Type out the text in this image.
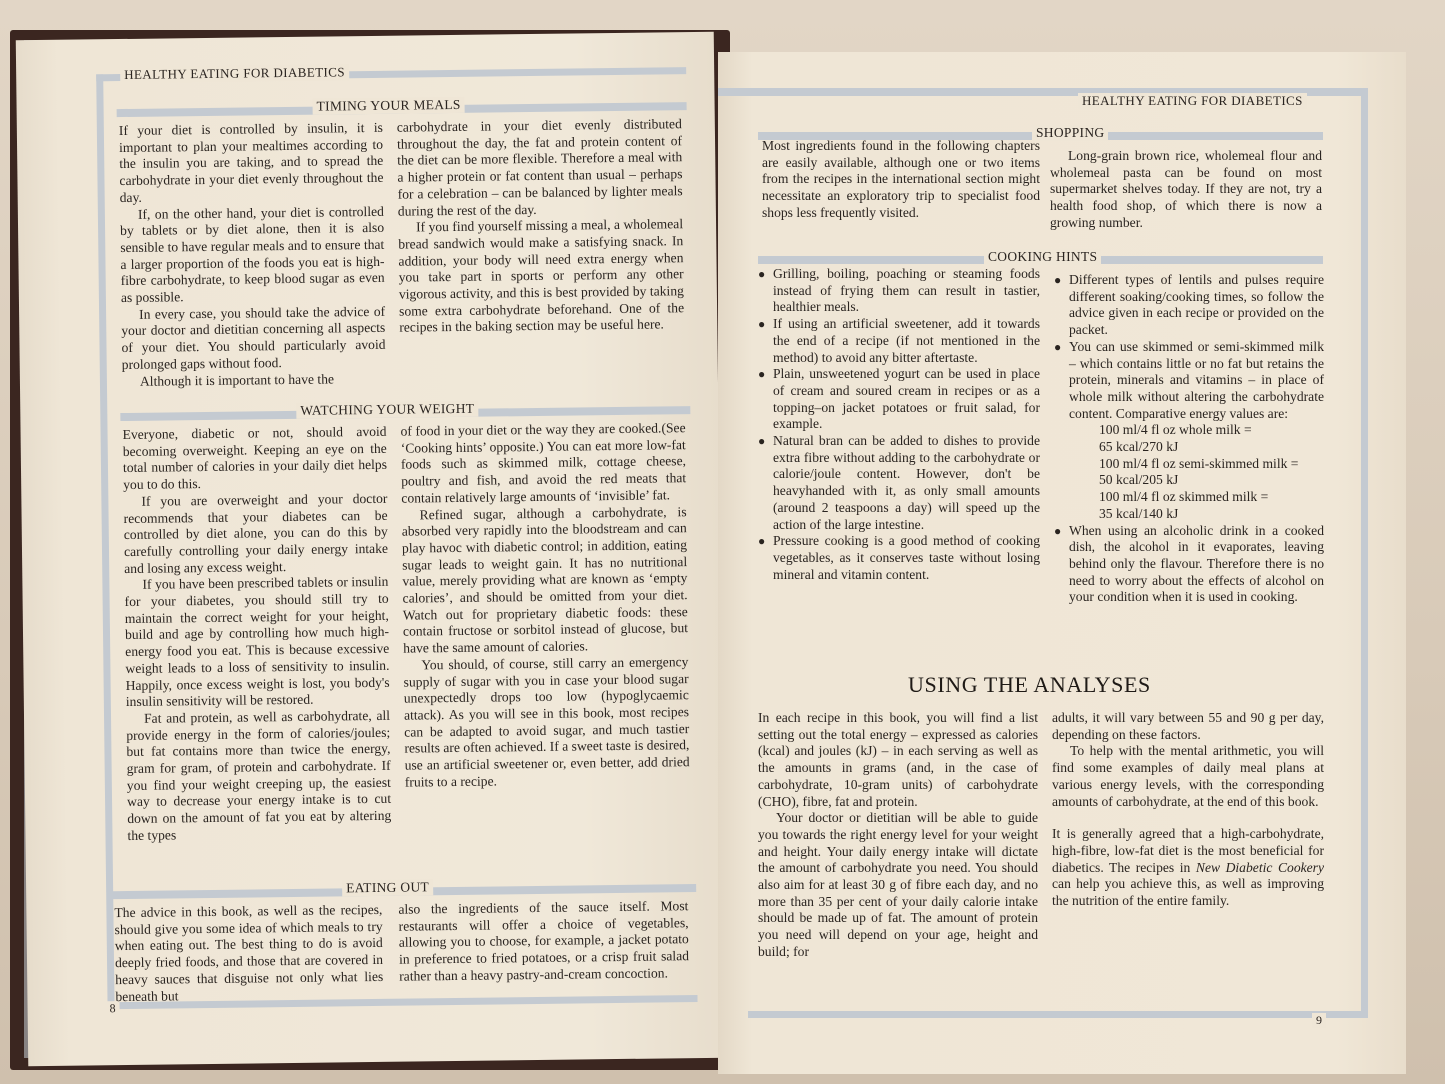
HEALTHY EATING FOR DIABETICS
8
TIMING YOUR MEALS

If your diet is controlled by insulin, it is important to plan your mealtimes according to the insulin you are taking, and to spread the carbohydrate in your diet evenly throughout the day.

If, on the other hand, your diet is controlled by tablets or by diet alone, then it is also sensible to have regular meals and to ensure that a larger proportion of the foods you eat is high-fibre carbohydrate, to keep blood sugar as even as possible.

In every case, you should take the advice of your doctor and dietitian concerning all aspects of your diet. You should particularly avoid prolonged gaps without food.

Although it is important to have the

carbohydrate in your diet evenly distributed throughout the day, the fat and protein content of the diet can be more flexible. Therefore a meal with a higher protein or fat content than usual – perhaps for a celebration – can be balanced by lighter meals during the rest of the day.

If you find yourself missing a meal, a wholemeal bread sandwich would make a satisfying snack. In addition, your body will need extra energy when you take part in sports or perform any other vigorous activity, and this is best provided by taking some extra carbohydrate beforehand. One of the recipes in the baking section may be useful here.

WATCHING YOUR WEIGHT

Everyone, diabetic or not, should avoid becoming overweight. Keeping an eye on the total number of calories in your daily diet helps you to do this.

If you are overweight and your doctor recommends that your diabetes can be controlled by diet alone, you can do this by carefully controlling your daily energy intake and losing any excess weight.

If you have been prescribed tablets or insulin for your diabetes, you should still try to maintain the correct weight for your height, build and age by controlling how much high-energy food you eat. This is because excessive weight leads to a loss of sensitivity to insulin. Happily, once excess weight is lost, you body's insulin sensitivity will be restored.

Fat and protein, as well as carbohydrate, all provide energy in the form of calories/joules; but fat contains more than twice the energy, gram for gram, of protein and carbohydrate. If you find your weight creeping up, the easiest way to decrease your energy intake is to cut down on the amount of fat you eat by altering the types

of food in your diet or the way they are cooked.(See ‘Cooking hints’ opposite.) You can eat more low-fat foods such as skimmed milk, cottage cheese, poultry and fish, and avoid the red meats that contain relatively large amounts of ‘invisible’ fat.

Refined sugar, although a carbohydrate, is absorbed very rapidly into the bloodstream and can play havoc with diabetic control; in addition, eating sugar leads to weight gain. It has no nutritional value, merely providing what are known as ‘empty calories’, and should be omitted from your diet. Watch out for proprietary diabetic foods: these contain fructose or sorbitol instead of glucose, but have the same amount of calories.

You should, of course, still carry an emergency supply of sugar with you in case your blood sugar unexpectedly drops too low (hypoglycaemic attack). As you will see in this book, most recipes can be adapted to avoid sugar, and much tastier results are often achieved. If a sweet taste is desired, use an artificial sweetener or, even better, add dried fruits to a recipe.

EATING OUT

The advice in this book, as well as the recipes, should give you some idea of which meals to try when eating out. The best thing to do is avoid deeply fried foods, and those that are covered in heavy sauces that disguise not only what lies beneath but

also the ingredients of the sauce itself. Most restaurants will offer a choice of vegetables, allowing you to choose, for example, a jacket potato in preference to fried potatoes, or a crisp fruit salad rather than a heavy pastry-and-cream concoction.

HEALTHY EATING FOR DIABETICS
9
SHOPPING

Most ingredients found in the following chapters are easily available, although one or two items from the recipes in the international section might necessitate an exploratory trip to specialist food shops less frequently visited.

Long-grain brown rice, wholemeal flour and wholemeal pasta can be found on most supermarket shelves today. If they are not, try a health food shop, of which there is now a growing number.

COOKING HINTS
● Grilling, boiling, poaching or steaming foods instead of frying them can result in tastier, healthier meals.
● If using an artificial sweetener, add it towards the end of a recipe (if not mentioned in the method) to avoid any bitter aftertaste.
● Plain, unsweetened yogurt can be used in place of cream and soured cream in recipes or as a topping–on jacket potatoes or fruit salad, for example.
● Natural bran can be added to dishes to provide extra fibre without adding to the carbohydrate or calorie/joule content. However, don't be heavyhanded with it, as only small amounts (around 2 teaspoons a day) will speed up the action of the large intestine.
● Pressure cooking is a good method of cooking vegetables, as it conserves taste without losing mineral and vitamin content.
● Different types of lentils and pulses require different soaking/cooking times, so follow the advice given in each recipe or provided on the packet.
● You can use skimmed or semi-skimmed milk – which contains little or no fat but retains the protein, minerals and vitamins – in place of whole milk without altering the carbohydrate content. Comparative energy values are:
100 ml/4 fl oz whole milk =
65 kcal/270 kJ
100 ml/4 fl oz semi-skimmed milk =
50 kcal/205 kJ
100 ml/4 fl oz skimmed milk =
35 kcal/140 kJ
● When using an alcoholic drink in a cooked dish, the alcohol in it evaporates, leaving behind only the flavour. Therefore there is no need to worry about the effects of alcohol on your condition when it is used in cooking.
USING THE ANALYSES

In each recipe in this book, you will find a list setting out the total energy – expressed as calories (kcal) and joules (kJ) – in each serving as well as the amounts in grams (and, in the case of carbohydrate, 10-gram units) of carbohydrate (CHO), fibre, fat and protein.

Your doctor or dietitian will be able to guide you towards the right energy level for your weight and height. Your daily energy intake will dictate the amount of carbohydrate you need. You should also aim for at least 30 g of fibre each day, and no more than 35 per cent of your daily calorie intake should be made up of fat. The amount of protein you need will depend on your age, height and build; for

adults, it will vary between 55 and 90 g per day, depending on these factors.

To help with the mental arithmetic, you will find some examples of daily meal plans at various energy levels, with the corresponding amounts of carbohydrate, at the end of this book.

It is generally agreed that a high-carbohydrate, high-fibre, low-fat diet is the most beneficial for diabetics. The recipes in New Diabetic Cookery can help you achieve this, as well as improving the nutrition of the entire family.
